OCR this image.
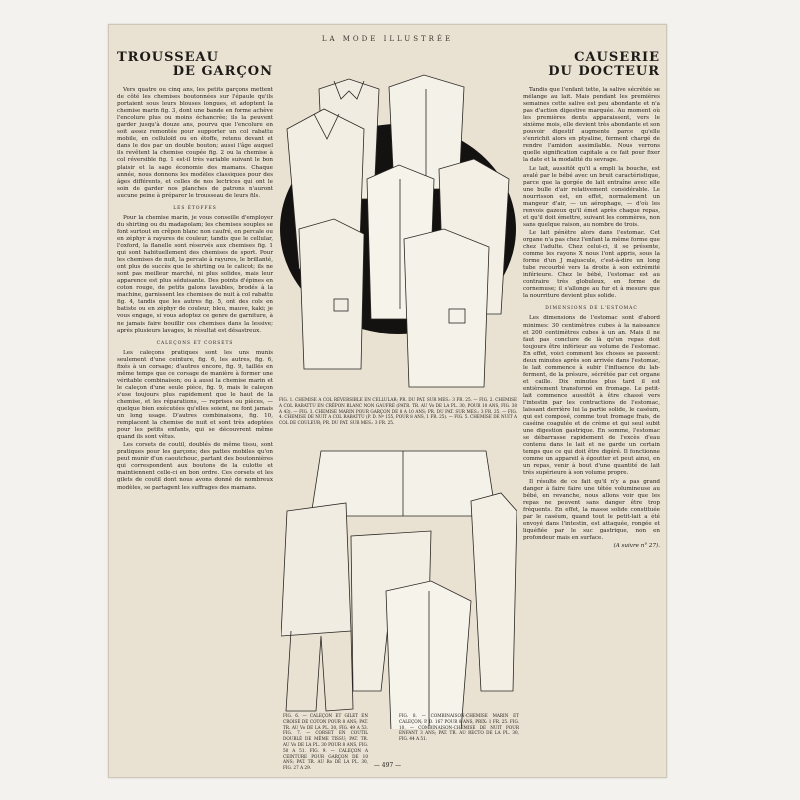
LA MODE ILLUSTRÉE
TROUSSEAU
DE GARÇON

Vers quatre ou cinq ans, les petits garçons mettent de côté les chemises boutonnées sur l'épaule qu'ils portaient sous leurs blouses longues, et adoptent la chemise marin fig. 3, dont une bande en forme achève l'encolure plus ou moins échancrée; ils la peuvent garder jusqu'à douze ans, pourvu que l'encolure en soit assez remontée pour supporter un col rabattu mobile, en celluloïd ou en étoffe, retenu devant et dans le dos par un double bouton; aussi l'âge auquel ils revêtent la chemise coupée fig. 2 ou la chemise à col réversible fig. 1 est-il très variable suivant le bon plaisir et la sage économie des mamans. Chaque année, nous donnons les modèles classiques pour des âges différents, et celles de nos lectrices qui ont le soin de garder nos planches de patrons n'auront aucune peine à préparer le trousseau de leurs fils.

LES ÉTOFFES

Pour la chemise marin, je vous conseille d'employer du shirting ou du madapolam; les chemises souples se font surtout en crêpon blanc non caufré, en percale ou en zéphyr à rayures de couleur, tandis que le cellular, l'oxford, la flanelle sont réservés aux chemises fig. 1 qui sont habituellement des chemises de sport. Pour les chemises de nuit, la percale à rayures, le brillanté, ont plus de succès que le shirting ou le calicot; ils ne sont pas meilleur marché, ni plus solides, mais leur apparence est plus séduisante. Des points d'épines en coton rouge, de petits galons lavables, brodés à la machine, garnissent les chemises de nuit à col rabattu fig. 4, tandis que les autres fig. 5, ont des cols en batiste ou en zéphyr de couleur, bleu, mauve, kaki; je vous engage, si vous adoptez ce genre de garniture, à ne jamais faire bouillir ces chemises dans la lessive; après plusieurs lavages, le résultat est désastreux.

CALEÇONS ET CORSETS

Les caleçons pratiques sont les uns munis seulement d'une ceinture, fig. 6, les autres, fig. 6, fixés à un corsage; d'autres encore, fig. 9, taillés en même temps que ce corsage de manière à former une véritable combinaison; ou à aussi la chemise marin et le caleçon d'une seule pièce, fig. 9, mais le caleçon s'use toujours plus rapidement que le haut de la chemise, et les réparations, — reprises ou pièces, — quelque bien exécutées qu'elles soient, ne font jamais un long usage. D'autres combinaisons, fig. 10, remplacent la chemise de nuit et sont très adoptées pour les petits enfants, qui se découvrent même quand ils sont vêtus.

Les corsets de coutil, doublés de même tissu, sont pratiques pour les garçons; des pattes mobiles qu'on peut munir d'un caoutchouc, partant des boutonnières qui correspondent aux boutons de la culotte et maintiennent celle-ci en bon ordre. Ces corsets et les gilets de coutil dont nous avons donné de nombreux modèles, se partagent les suffrages des mamans.

FIG. 1. CHEMISE A COL RÉVERSIBLE EN CELLULAR; PR. DU PAT. SUR MES.: 3 FR. 25. — FIG. 2. CHEMISE A COL RABATTU EN CRÊPON BLANC NON GAUFRÉ (PATR. TR. AU Vo DE LA PL. 30, POUR 10 ANS, FIG. 38 A 43). — FIG. 3. CHEMISE MARIN POUR GARÇON DE 8 A 10 ANS; PR. DU PAT. SUR MES.: 3 FR. 25. — FIG. 4. CHEMISE DE NUIT A COL RABATTU (P. D. Nº 155, POUR 8 ANS, 1 FR. 25). — FIG. 5. CHEMISE DE NUIT A COL DE COULEUR; PR. DU PAT. SUR MES.: 3 FR. 25.
FIG. 6. — CALEÇON ET GILET EN CROISÉ DE COTON POUR 8 ANS; PAT. TR. AU Vo DE LA PL. 30, FIG. 49 A 53. FIG. 7. — CORSET EN COUTIL DOUBLÉ DE MÊME TISSU; PAT. TR. AU Vo DE LA PL. 30 POUR 8 ANS, FIG. 50 A 51. FIG. 9. — CALEÇON A CEINTURE POUR GARÇON DE 10 ANS; PAT. TR. AU Ro DE LA PL. 30, FIG. 27 A 29.
FIG. 8. — COMBINAISON-CHEMISE MARIN ET CALEÇON; P. D. 167 POUR 8 ANS, PRIX: 1 FR. 25. FIG. 10. — COMBINAISON-CHEMISE DE NUIT POUR ENFANT 3 ANS; PAT. TR. AU RECTO DE LA PL. 30, FIG. 44 A 51.
CAUSERIE
DU DOCTEUR

Tandis que l'enfant tette, la salive sécrétée se mélange au lait. Mais pendant les premières semaines cette salive est peu abondante et n'a pas d'action digestive marquée. Au moment où les premières dents apparaissent, vers le sixième mois, elle devient très abondante et son pouvoir digestif augmente parce qu'elle s'enrichit alors en ptyaline, ferment chargé de rendre l'amidon assimilable. Nous verrons quelle signification capitale a ce fait pour fixer la date et la modalité du sevrage.

Le lait, aussitôt qu'il a empli la bouche, est avalé par le bébé avec un bruit caractéristique, parce que la gorgée de lait entraîne avec elle une bulle d'air relativement considérable. Le nourrisson est, en effet, normalement un mangeur d'air, — un aérophage, — d'où les renvois gazeux qu'il émet après chaque repas, et qu'il doit émettre, suivant les commères, non sans quelque raison, au nombre de trois.

Le lait pénètre alors dans l'estomac. Cet organe n'a pas chez l'enfant la même forme que chez l'adulte. Chez celui-ci, il se présente, comme les rayons X nous l'ont appris, sous la forme d'un J majuscule, c'est-à-dire un long tube recourbé vers la droite à son extrémité inférieure. Chez le bébé, l'estomac est au contraire très globuleux, en forme de cornemuse; il s'allonge au fur et à mesure que la nourriture devient plus solide.

DIMENSIONS DE L'ESTOMAC

Les dimensions de l'estomac sont d'abord minimes: 30 centimètres cubes à la naissance et 200 centimètres cubes à un an. Mais il ne faut pas conclure de là qu'un repas doit toujours être inférieur au volume de l'estomac. En effet, voici comment les choses se passent: deux minutes après son arrivée dans l'estomac, le lait commence à subir l'influence du lab-ferment, de la présure, sécrétée par cet organe et caille. Dix minutes plus tard il est entièrement transformé en fromage. Le petit-lait commence aussitôt à être chassé vers l'intestin par les contractions de l'estomac, laissant derrière lui la partie solide, le caséum, qui est composé, comme tout fromage frais, de caséine coagulée et de crème et qui seul subit une digestion gastrique. En somme, l'estomac se débarrasse rapidement de l'excès d'eau contenu dans le lait et ne garde un certain temps que ce qui doit être digéré. Il fonctionne comme un appareil à égoutter et peut ainsi, en un repas, venir à bout d'une quantité de lait très supérieure à son volume propre.

Il résulte de ce fait qu'il n'y a pas grand danger à faire faire une tétée volumineuse au bébé, en revanche, nous allons voir que les repas ne peuvent sans danger être trop fréquents. En effet, la masse solide constituée par le caséum, quand tout le petit-lait a été envoyé dans l'intestin, est attaquée, rongée et liquéfiée par le suc gastrique, non en profondeur mais en surface.

(A suivre n° 27).
— 497 —
